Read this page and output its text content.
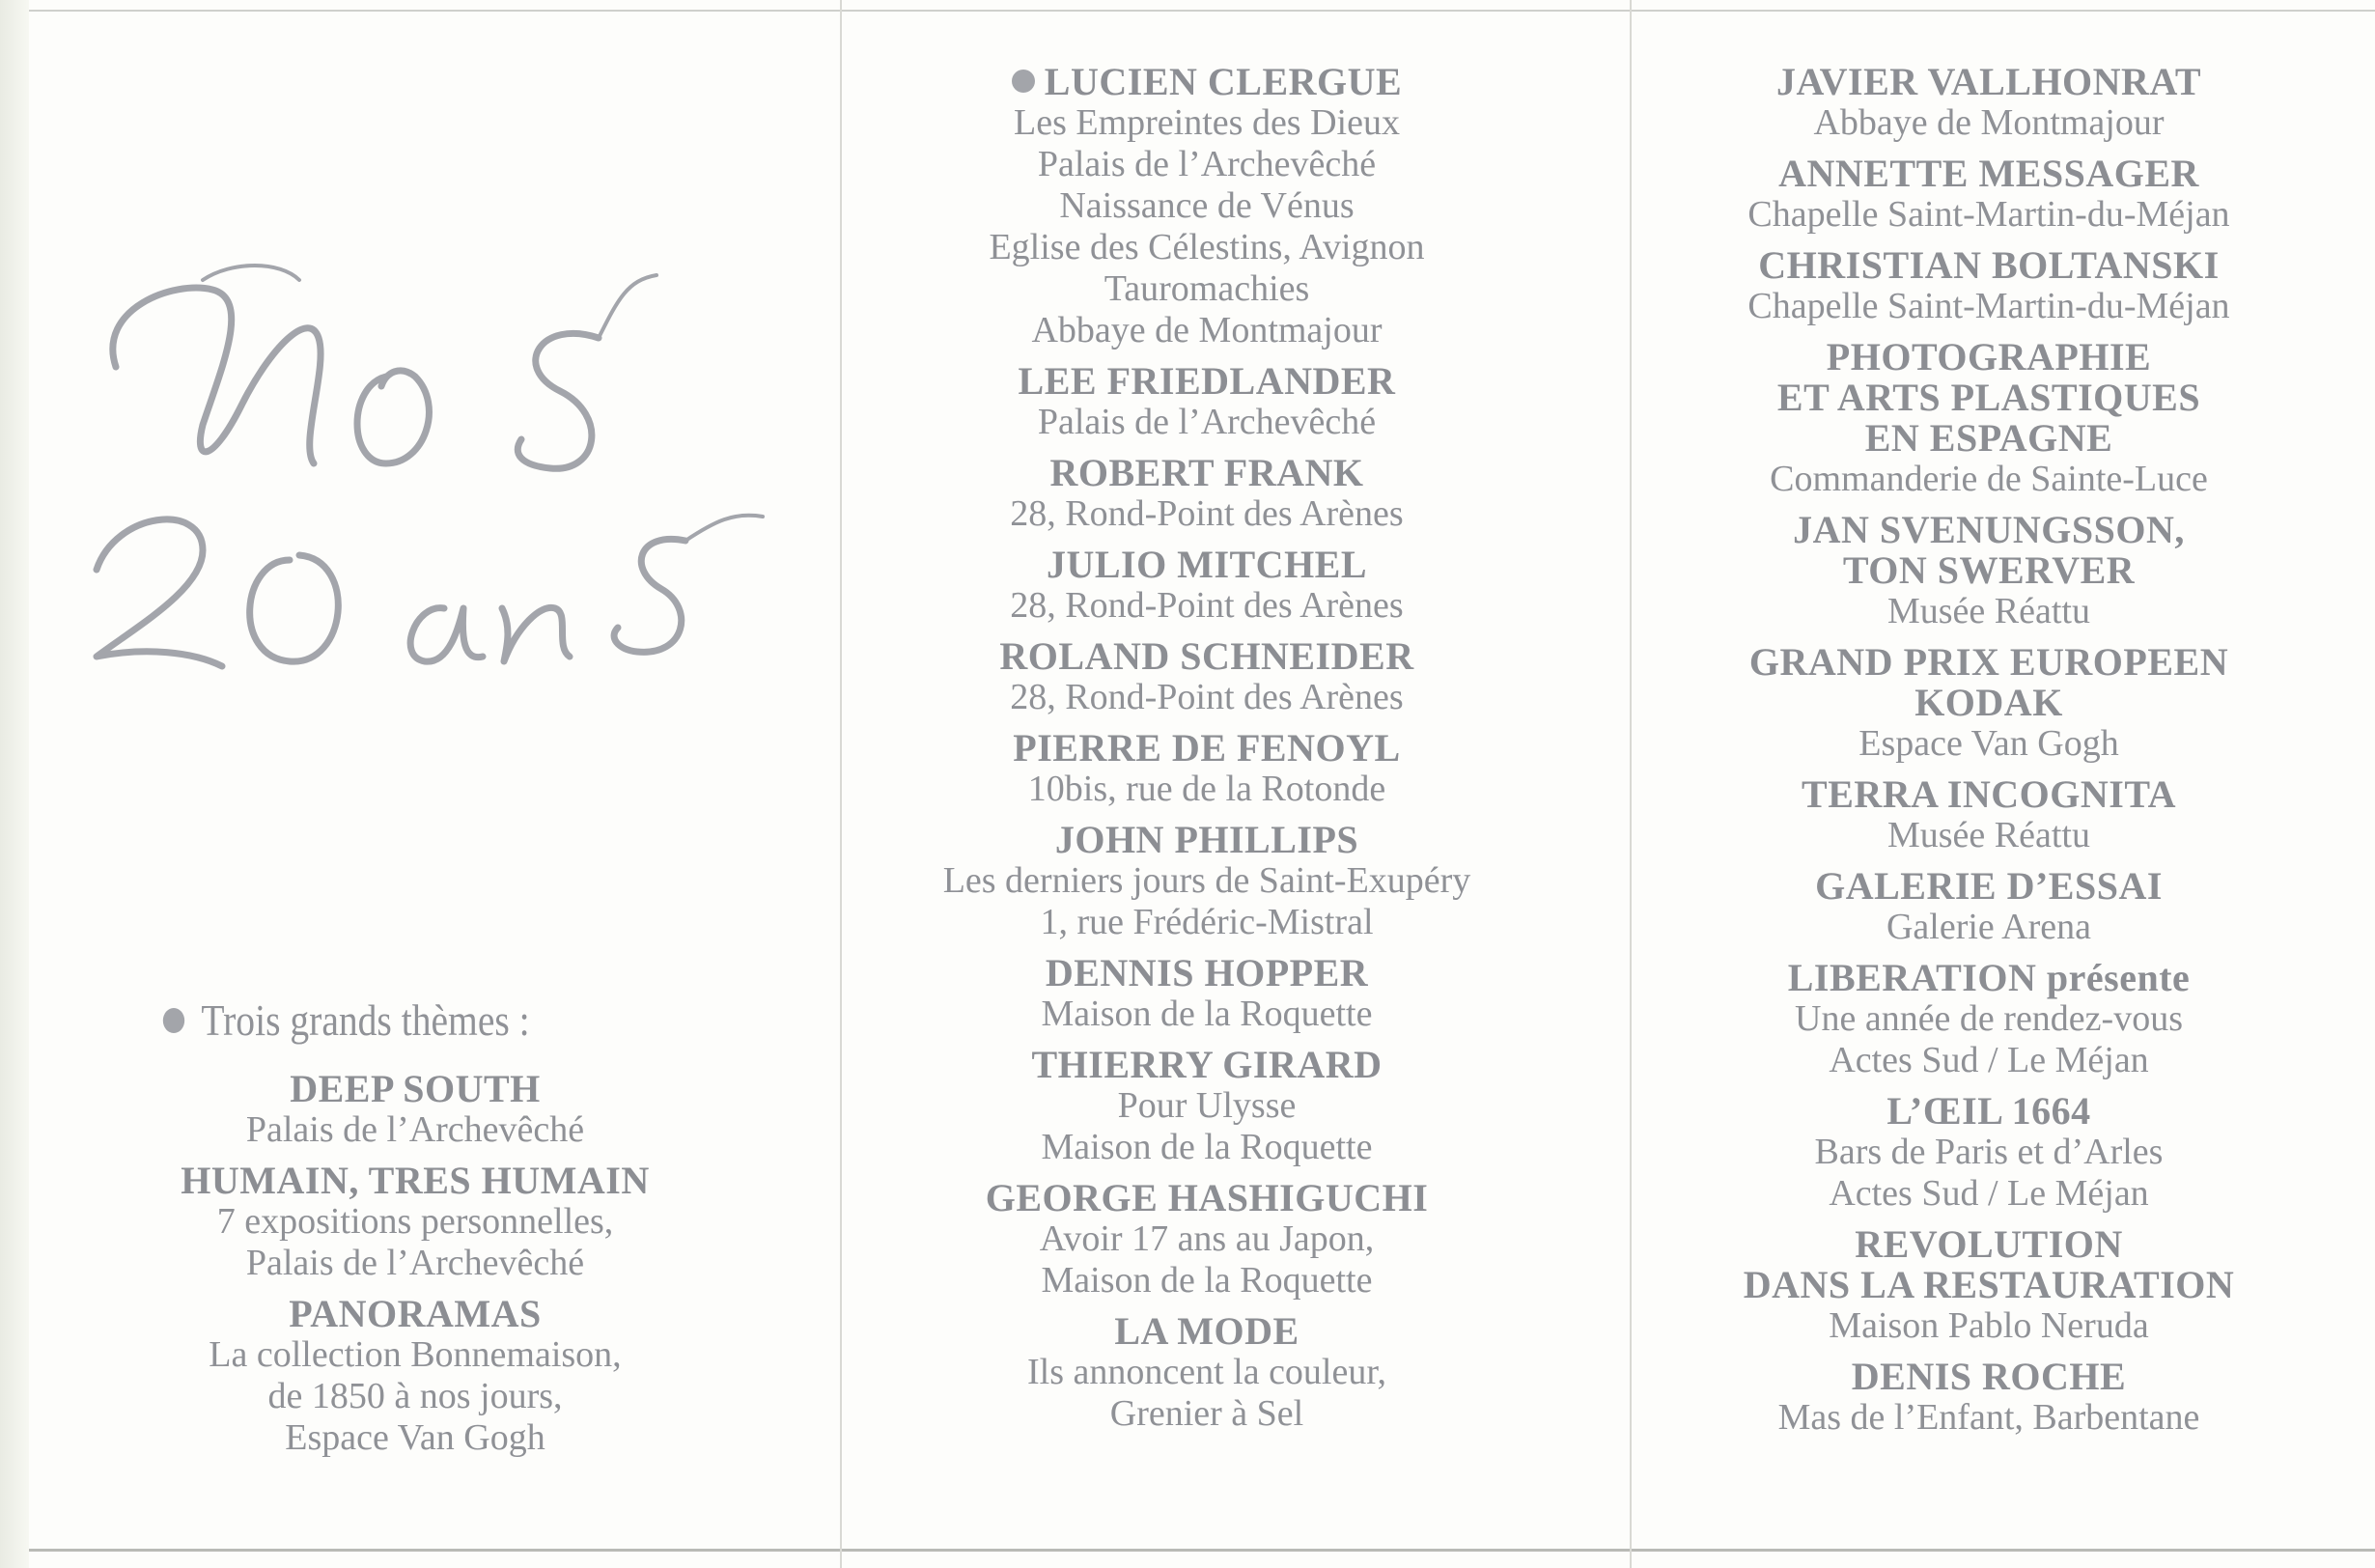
Trois grands thèmes :
DEEP SOUTH
Palais de l’Archevêché
HUMAIN, TRES HUMAIN
7 expositions personnelles,
Palais de l’Archevêché
PANORAMAS
La collection Bonnemaison,
de 1850 à nos jours,
Espace Van Gogh
LUCIEN CLERGUE
Les Empreintes des Dieux
Palais de l’Archevêché
Naissance de Vénus
Eglise des Célestins, Avignon
Tauromachies
Abbaye de Montmajour
LEE FRIEDLANDER
Palais de l’Archevêché
ROBERT FRANK
28, Rond-Point des Arènes
JULIO MITCHEL
28, Rond-Point des Arènes
ROLAND SCHNEIDER
28, Rond-Point des Arènes
PIERRE DE FENOYL
10bis, rue de la Rotonde
JOHN PHILLIPS
Les derniers jours de Saint-Exupéry
1, rue Frédéric-Mistral
DENNIS HOPPER
Maison de la Roquette
THIERRY GIRARD
Pour Ulysse
Maison de la Roquette
GEORGE HASHIGUCHI
Avoir 17 ans au Japon,
Maison de la Roquette
LA MODE
Ils annoncent la couleur,
Grenier à Sel
JAVIER VALLHONRAT
Abbaye de Montmajour
ANNETTE MESSAGER
Chapelle Saint-Martin-du-Méjan
CHRISTIAN BOLTANSKI
Chapelle Saint-Martin-du-Méjan
PHOTOGRAPHIE
ET ARTS PLASTIQUES
EN ESPAGNE
Commanderie de Sainte-Luce
JAN SVENUNGSSON,
TON SWERVER
Musée Réattu
GRAND PRIX EUROPEEN
KODAK
Espace Van Gogh
TERRA INCOGNITA
Musée Réattu
GALERIE D’ESSAI
Galerie Arena
LIBERATION présente
Une année de rendez-vous
Actes Sud / Le Méjan
L’ŒIL 1664
Bars de Paris et d’Arles
Actes Sud / Le Méjan
REVOLUTION
DANS LA RESTAURATION
Maison Pablo Neruda
DENIS ROCHE
Mas de l’Enfant, Barbentane
